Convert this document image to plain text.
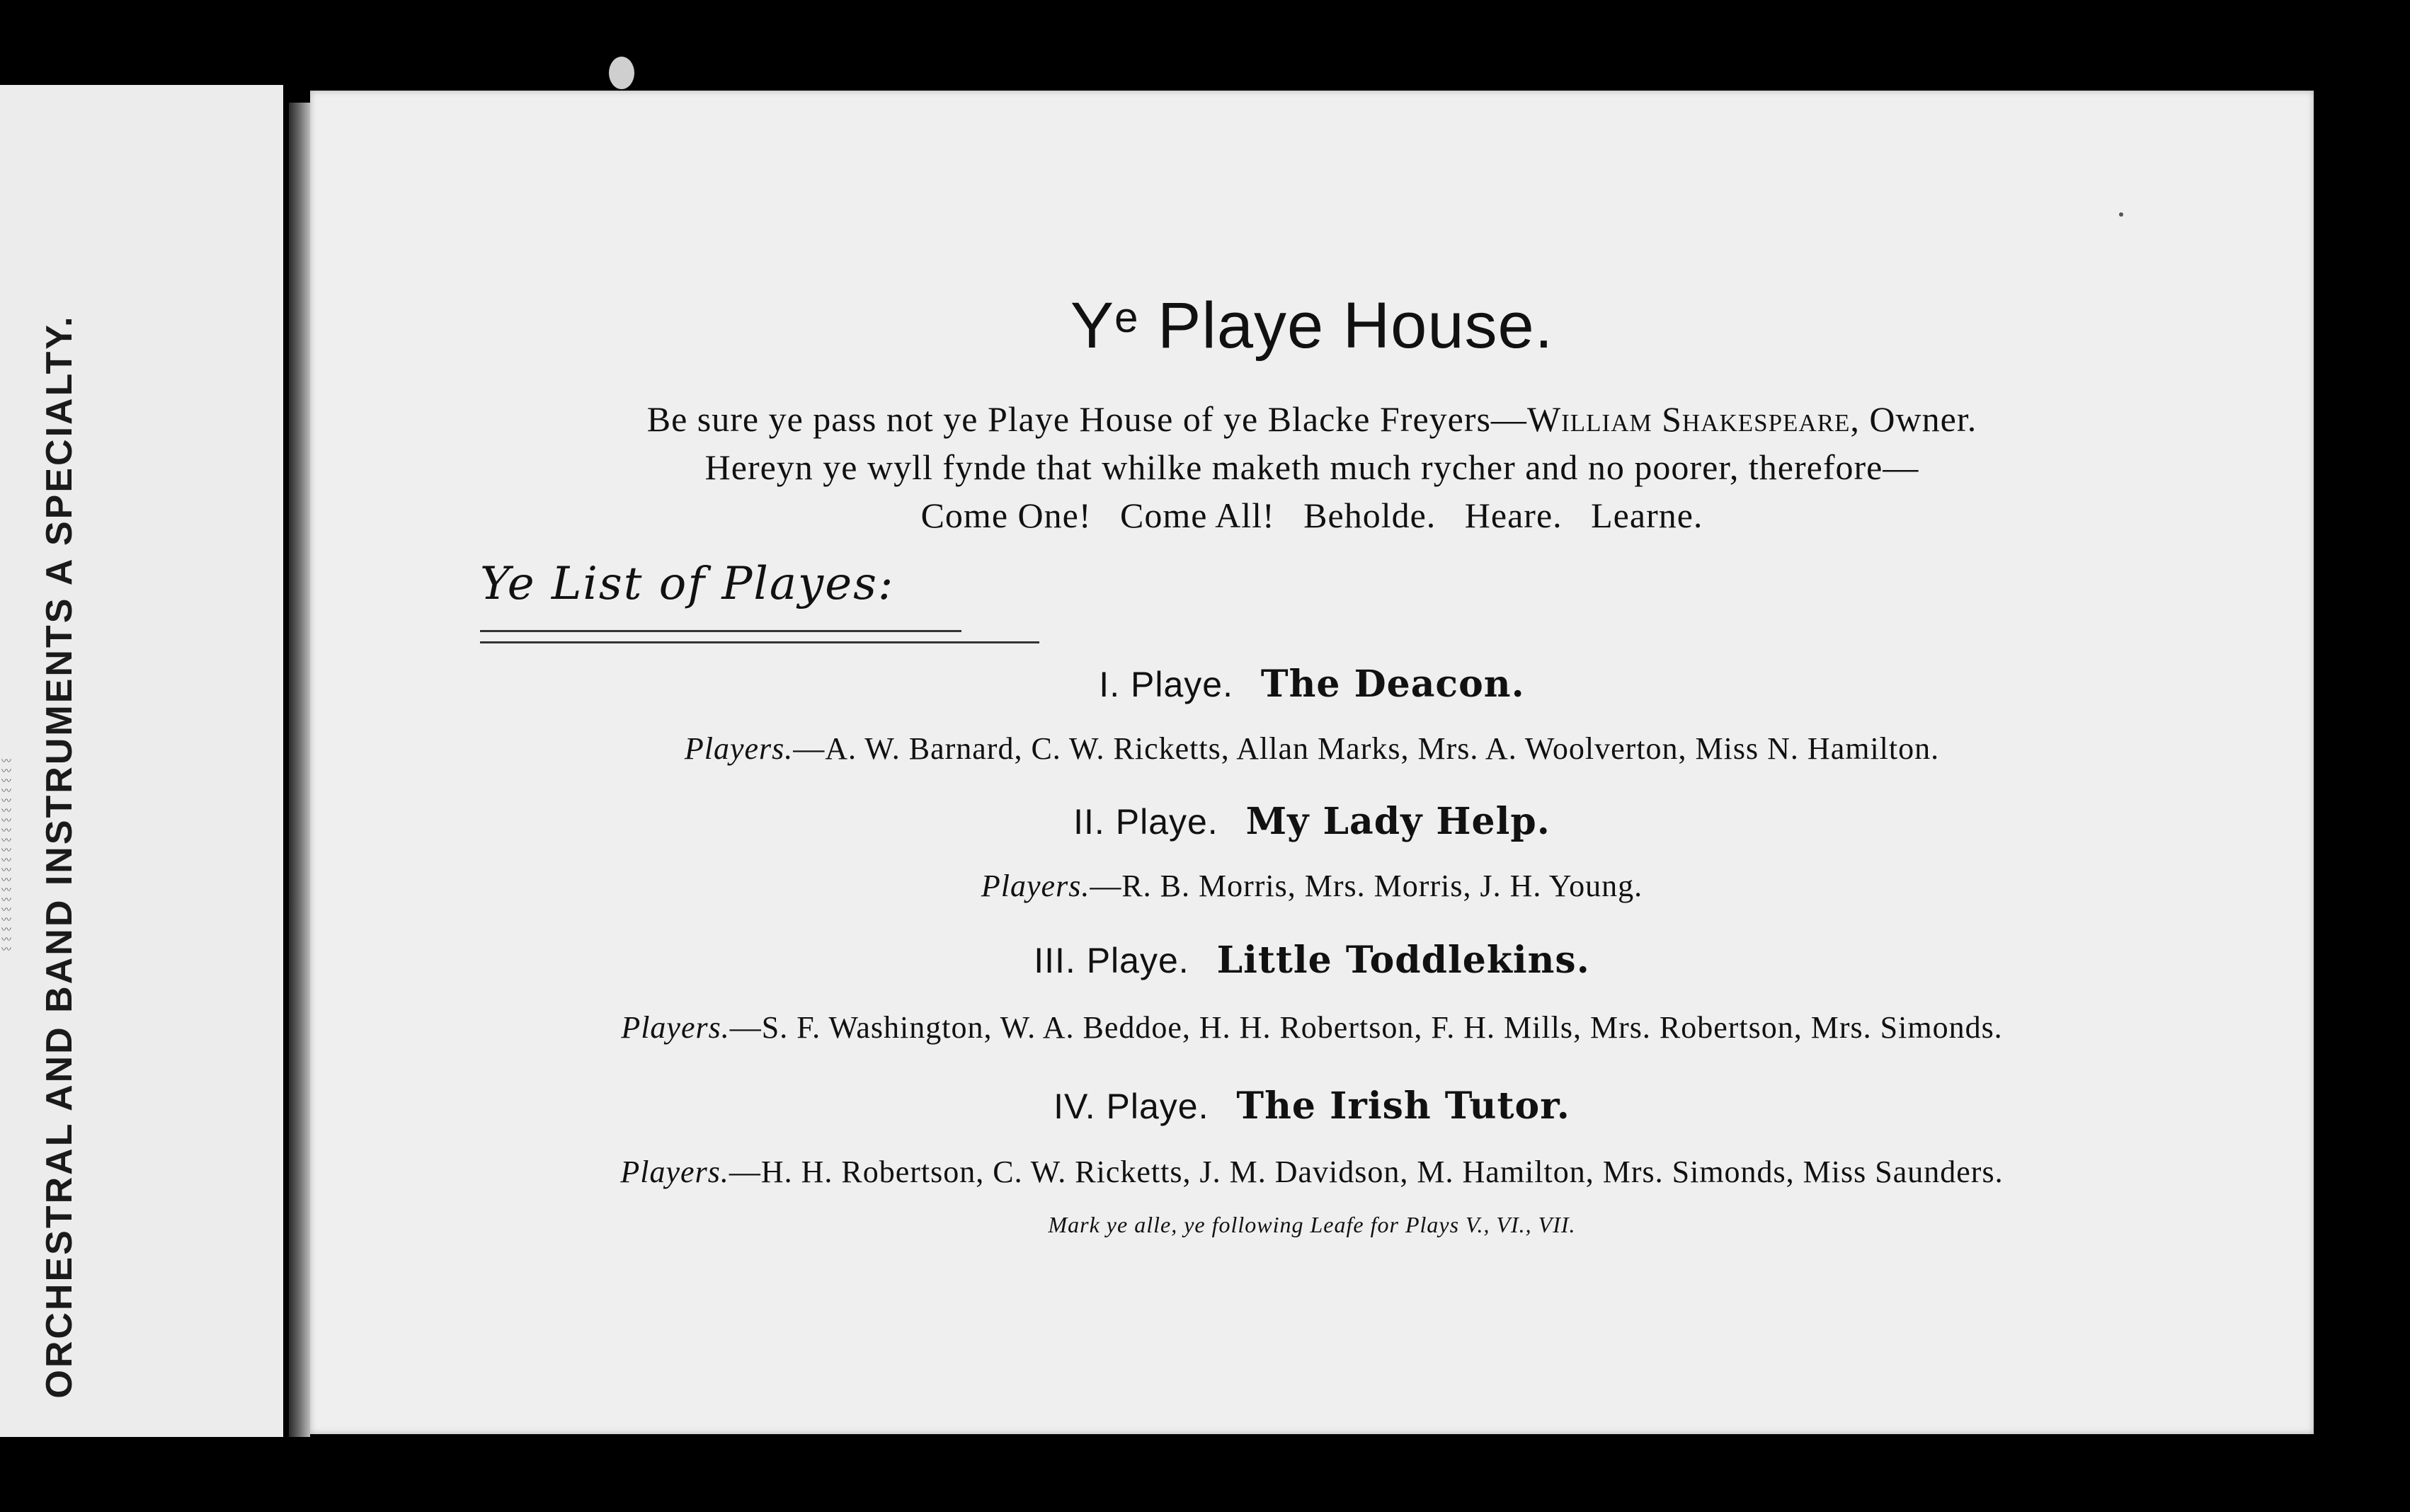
〰
〰
〰
〰
〰
〰
〰
〰
〰
〰
〰
〰
〰
〰
〰
〰
〰
〰
〰
〰 ORCHESTRAL AND BAND INSTRUMENTS A SPECIALTY.	$Y^e$ Playe House.
Be sure ye pass not ye Playe House of ye Blacke Freyers—William Shakespeare, Owner.
Hereyn ye wyll fynde that whilke maketh much rycher and no poorer, therefore—
Come One!   Come All!   Beholde.   Heare.   Learne.
Ye List of Playes:
I. Playe. The Deacon.
Players.—A. W. Barnard, C. W. Ricketts, Allan Marks, Mrs. A. Woolverton, Miss N. Hamilton.
II. Playe. My Lady Help.
Players.—R. B. Morris, Mrs. Morris, J. H. Young.
III. Playe. Little Toddlekins.
Players.—S. F. Washington, W. A. Beddoe, H. H. Robertson, F. H. Mills, Mrs. Robertson, Mrs. Simonds.
IV. Playe. The Irish Tutor.
Players.—H. H. Robertson, C. W. Ricketts, J. M. Davidson, M. Hamilton, Mrs. Simonds, Miss Saunders.
Mark ye alle, ye following Leafe for Plays V., VI., VII.
